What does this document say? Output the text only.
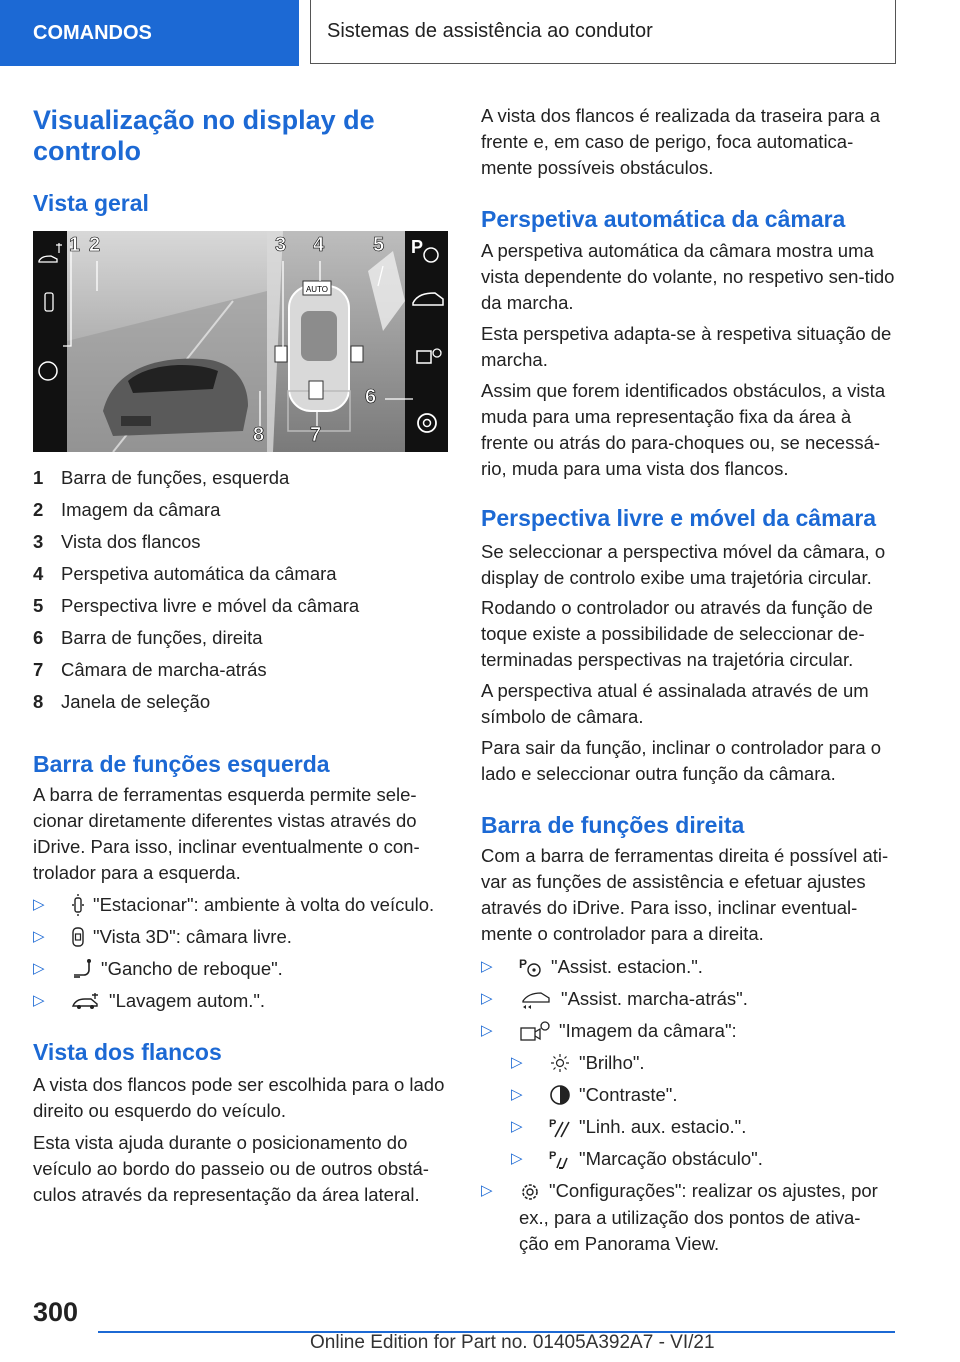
COMANDOS	Sistemas de assistência ao condutor
Visualização no display de controlo
Vista geral
1 Barra de funções, esquerda
2 Imagem da câmara
3 Vista dos flancos
4 Perspetiva automática da câmara
5 Perspectiva livre e móvel da câmara
6 Barra de funções, direita
7 Câmara de marcha-atrás
8 Janela de seleção
Barra de funções esquerda

A barra de ferramentas esquerda permite sele-cionar diretamente diferentes vistas através do iDrive. Para isso, inclinar eventualmente o con-trolador para a esquerda.

▷	"Estacionar": ambiente à volta do veículo.
▷	"Vista 3D": câmara livre.
▷	"Gancho de reboque".
▷	"Lavagem autom.".
Vista dos flancos

A vista dos flancos pode ser escolhida para o lado direito ou esquerdo do veículo.

Esta vista ajuda durante o posicionamento do veículo ao bordo do passeio ou de outros obstá-culos através da representação da área lateral.

AUTO
P
1 2	3 4 5
6
7
8

A vista dos flancos é realizada da traseira para a frente e, em caso de perigo, foca automatica-mente possíveis obstáculos.

Perspetiva automática da câmara

A perspetiva automática da câmara mostra uma vista dependente do volante, no respetivo sen-tido da marcha.

Esta perspetiva adapta-se à respetiva situação de marcha.

Assim que forem identificados obstáculos, a vista muda para uma representação fixa da área à frente ou atrás do para-choques ou, se necessá-rio, muda para uma vista dos flancos.

Perspectiva livre e móvel da câmara

Se seleccionar a perspectiva móvel da câmara, o display de controlo exibe uma trajetória circular.

Rodando o controlador ou através da função de toque existe a possibilidade de seleccionar de-terminadas perspectivas na trajetória circular.

A perspectiva atual é assinalada através de um símbolo de câmara.

Para sair da função, inclinar o controlador para o lado e seleccionar outra função da câmara.

Barra de funções direita

Com a barra de ferramentas direita é possível ati-var as funções de assistência e efetuar ajustes através do iDrive. Para isso, inclinar eventual-mente o controlador para a direita.

▷	P "Assist. estacion.".
▷	"Assist. marcha-atrás".
▷	"Imagem da câmara":
▷	"Brilho".
▷	"Contraste".
▷	P "Linh. aux. estacio.".
▷	P "Marcação obstáculo".
▷	"Configurações": realizar os ajustes, por ex., para a utilização dos pontos de ativa-ção em Panorama View.
300
Online Edition for Part no. 01405A392A7 - VI/21
